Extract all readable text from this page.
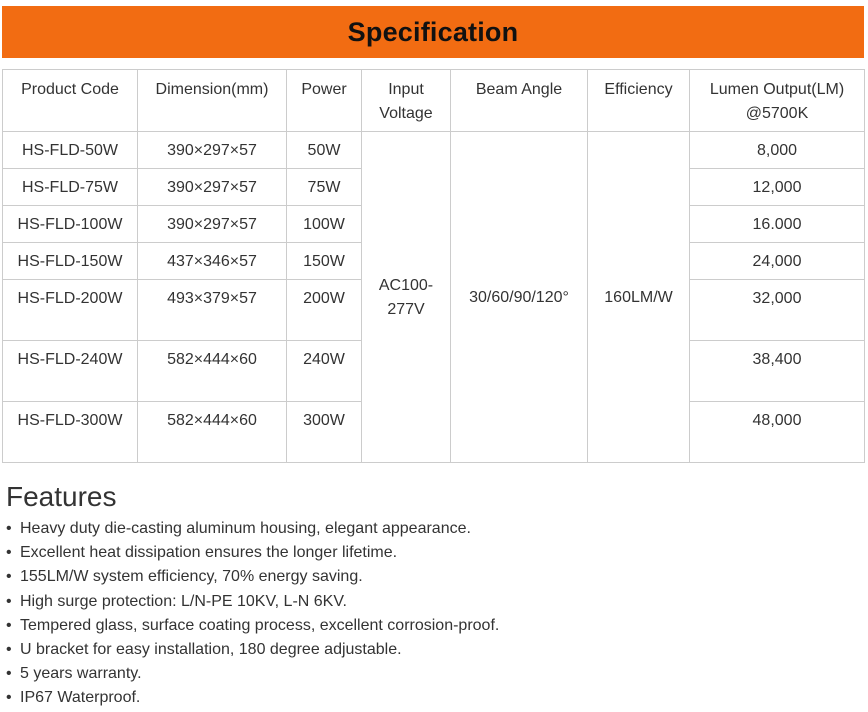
Specification
Product Code	Dimension(mm)	Power	Input Voltage	Beam Angle	Efficiency	Lumen Output(LM) @5700K
HS-FLD-50W	390×297×57	50W	AC100-277V	30/60/90/120°	160LM/W	8,000
HS-FLD-75W	390×297×57	75W				12,000
HS-FLD-100W	390×297×57	100W				16.000
HS-FLD-150W	437×346×57	150W				24,000
HS-FLD-200W	493×379×57	200W				32,000
HS-FLD-240W	582×444×60	240W				38,400
HS-FLD-300W	582×444×60	300W				48,000
Features
• Heavy duty die-casting aluminum housing, elegant appearance.
• Excellent heat dissipation ensures the longer lifetime.
• 155LM/W system efficiency, 70% energy saving.
• High surge protection: L/N-PE 10KV, L-N 6KV.
• Tempered glass, surface coating process, excellent corrosion-proof.
• U bracket for easy installation, 180 degree adjustable.
• 5 years warranty.
• IP67 Waterproof.
